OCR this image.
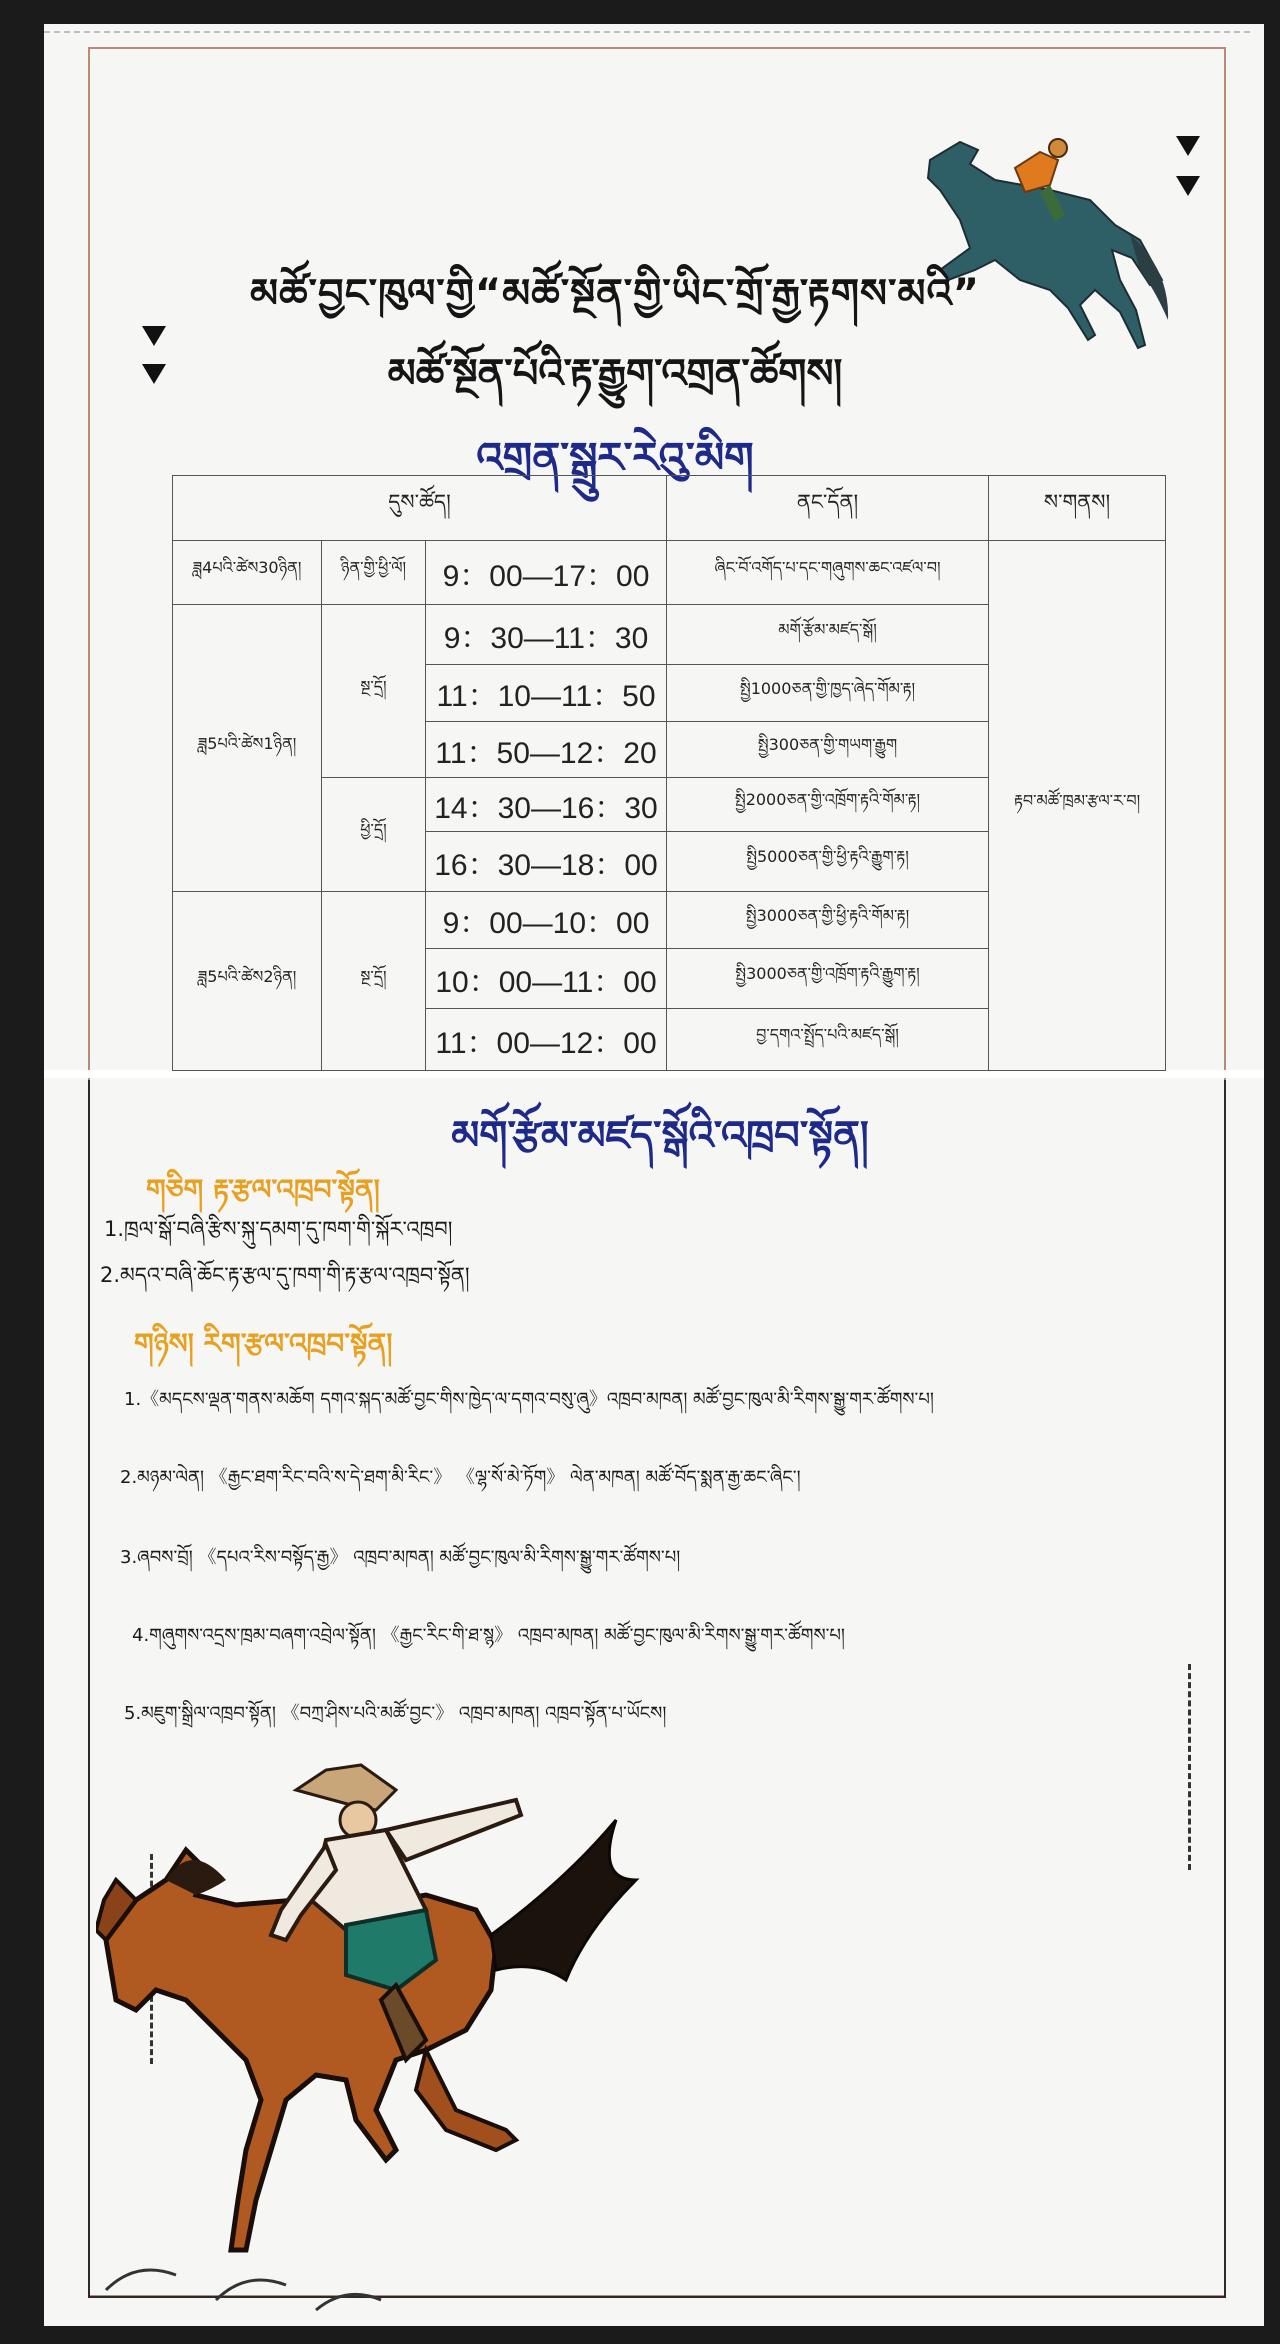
མཚོ་བྱང་ཁུལ་གྱི“མཚོ་སྔོན་གྱི་ཡིང་གྲོ་རྒྱ་རྟགས་མའི”
མཚོ་སྔོན་པོའི་རྟ་རྒྱུག་འགྲན་ཚོགས།
འགྲན་སྒྲུར་རེའུ་མིག
དུས་ཚོད།			ནང་དོན།	ས་གནས།
ཟླ4པའི་ཚེས30ཉིན།	ཉིན་གྱི་ཕྱི་ལོ།	9：00—17：00	ཞིང་བོ་འགོད་པ་དང་གཞུགས་ཆང་འཛལ་བ།	རྟབ་མཚོ་ཁྲམ་རྩལ་ར་བ།
ཟླ5པའི་ཚེས1ཉིན།	སྔ་དྲོ།	9：30—11：30	མགོ་རྩོམ་མཛད་སྒོ།	
		11：10—11：50	སྤྱི1000ཅན་གྱི་ཁྱད་ཞེད་གོམ་རྟ།	
		11：50—12：20	སྤྱི300ཅན་གྱི་གཡག་རྒྱུག	
	ཕྱི་དྲོ།	14：30—16：30	སྤྱི2000ཅན་གྱི་འཁྲོག་རྟའི་གོམ་རྟ།	
		16：30—18：00	སྤྱི5000ཅན་གྱི་ཕྱི་རྟའི་རྒྱུག་རྟ།	
ཟླ5པའི་ཚེས2ཉིན།	སྔ་དྲོ།	9：00—10：00	སྤྱི3000ཅན་གྱི་ཕྱི་རྟའི་གོམ་རྟ།	
		10：00—11：00	སྤྱི3000ཅན་གྱི་འཁྲོག་རྟའི་རྒྱུག་རྟ།	
		11：00—12：00	བྱ་དགའ་སྤྲོད་པའི་མཛད་སྒོ།	
མགོ་རྩོམ་མཛད་སྒོའི་འཁྲབ་སྟོན།
གཅིག རྟ་རྩལ་འཁྲབ་སྟོན།
1.ཁྲལ་སྒོ་བཞི་རྩིས་སྐུ་དམག་དུ་ཁག་གི་སྐོར་འཁྲབ།
2.མདའ་བཞི་ཆོང་རྟ་རྩལ་དུ་ཁག་གི་རྟ་རྩལ་འཁྲབ་སྟོན།
གཉིས། རིག་རྩལ་འཁྲབ་སྟོན།
1.《མདངས་ལྡན་གནས་མཆོག དགའ་སྐད་མཚོ་བྱང་གིས་ཁྱེད་ལ་དགའ་བསུ་ཞུ》འཁྲབ་མཁན། མཚོ་བྱང་ཁུལ་མི་རིགས་སྒྱུ་གར་ཚོགས་པ།
2.མཉམ་ལེན། 《རྒྱང་ཐག་རིང་བའི་ས་དེ་ཐག་མི་རིང་》 《ལྷ་སོ་མེ་ཏོག》 ལེན་མཁན། མཚོ་བོད་སྨན་རྒྱ་ཆང་ཞིང་།
3.ཞབས་བྲོ། 《དཔའ་རིས་བསྟོད་རྒྱ》 འཁྲབ་མཁན། མཚོ་བྱང་ཁུལ་མི་རིགས་སྒྱུ་གར་ཚོགས་པ།
4.གཞུགས་འདྲས་ཁྲམ་བཞག་འབྲེལ་སྟོན། 《རྒྱང་རིང་གི་ཐ་སྙ》 འཁྲབ་མཁན། མཚོ་བྱང་ཁུལ་མི་རིགས་སྒྱུ་གར་ཚོགས་པ།
5.མཇུག་སྒྲིལ་འཁྲབ་སྟོན། 《བཀྲ་ཤིས་པའི་མཚོ་བྱང་》 འཁྲབ་མཁན། འཁྲབ་སྟོན་པ་ཡོངས།
